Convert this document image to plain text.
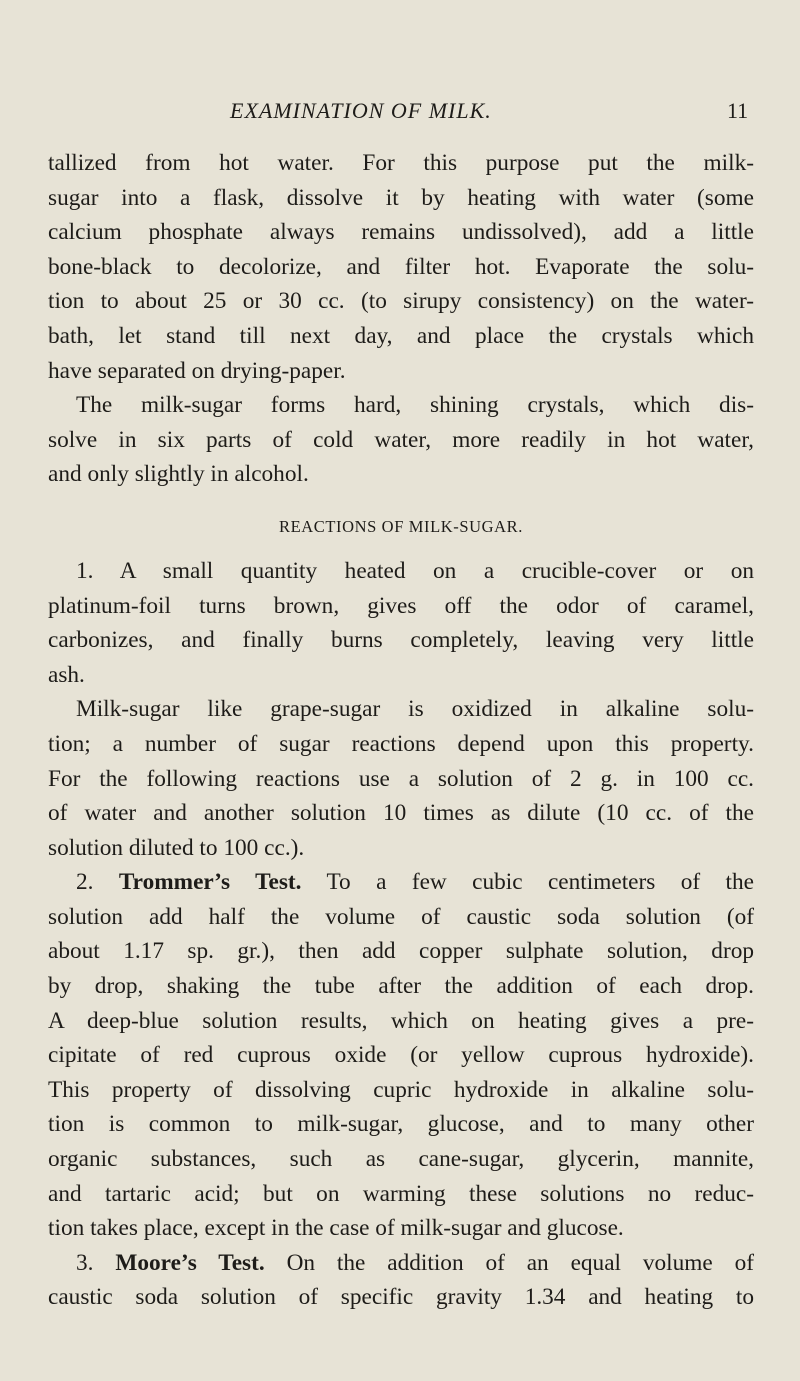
EXAMINATION OF MILK.	11
tallized from hot water. For this purpose put the milk-
sugar into a flask, dissolve it by heating with water (some
calcium phosphate always remains undissolved), add a little
bone-black to decolorize, and filter hot. Evaporate the solu-
tion to about 25 or 30 cc. (to sirupy consistency) on the water-
bath, let stand till next day, and place the crystals which
have separated on drying-paper.
The milk-sugar forms hard, shining crystals, which dis-
solve in six parts of cold water, more readily in hot water,
and only slightly in alcohol.
REACTIONS OF MILK-SUGAR.
1. A small quantity heated on a crucible-cover or on
platinum-foil turns brown, gives off the odor of caramel,
carbonizes, and finally burns completely, leaving very little
ash.
Milk-sugar like grape-sugar is oxidized in alkaline solu-
tion; a number of sugar reactions depend upon this property.
For the following reactions use a solution of 2 g. in 100 cc.
of water and another solution 10 times as dilute (10 cc. of the
solution diluted to 100 cc.).
2. Trommer’s Test. To a few cubic centimeters of the
solution add half the volume of caustic soda solution (of
about 1.17 sp. gr.), then add copper sulphate solution, drop
by drop, shaking the tube after the addition of each drop.
A deep-blue solution results, which on heating gives a pre-
cipitate of red cuprous oxide (or yellow cuprous hydroxide).
This property of dissolving cupric hydroxide in alkaline solu-
tion is common to milk-sugar, glucose, and to many other
organic substances, such as cane-sugar, glycerin, mannite,
and tartaric acid; but on warming these solutions no reduc-
tion takes place, except in the case of milk-sugar and glucose.
3. Moore’s Test. On the addition of an equal volume of
caustic soda solution of specific gravity 1.34 and heating to
